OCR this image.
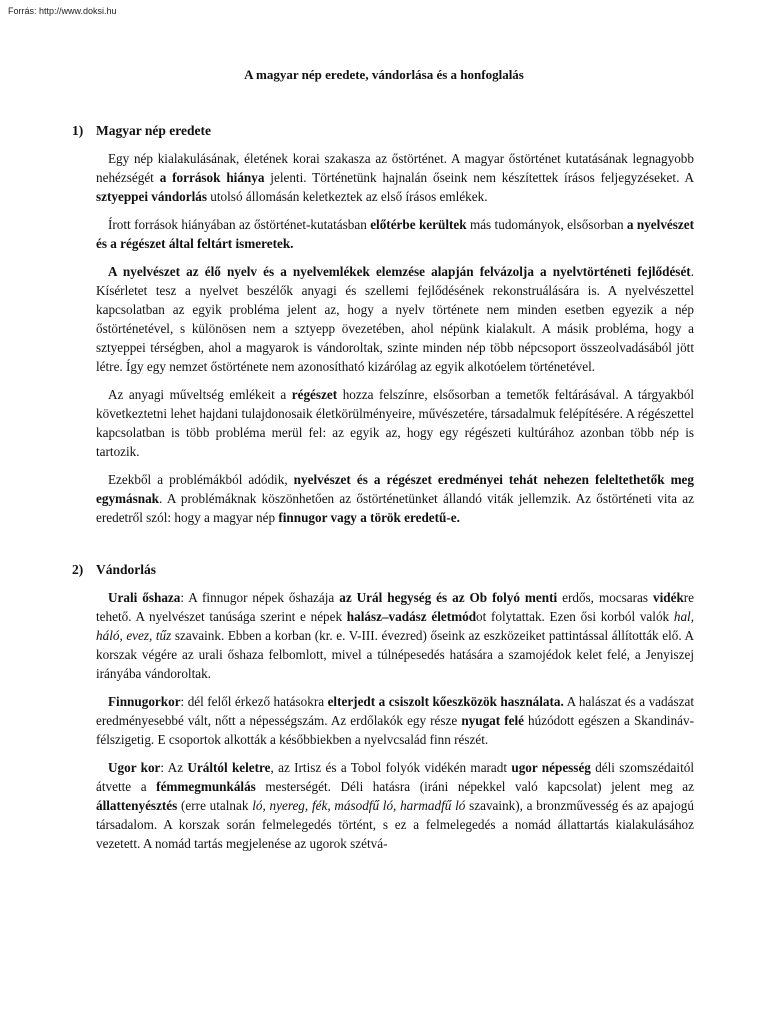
Forrás: http://www.doksi.hu
A magyar nép eredete, vándorlása és a honfoglalás
1) Magyar nép eredete

Egy nép kialakulásának, életének korai szakasza az őstörténet. A magyar őstörténet kutatásának legnagyobb nehézségét a források hiánya jelenti. Történetünk hajnalán őseink nem készítettek írásos feljegyzéseket. A sztyeppei vándorlás utolsó állomásán keletkeztek az első írásos emlékek.

Írott források hiányában az őstörténet-kutatásban előtérbe kerültek más tudományok, elsősorban a nyelvészet és a régészet által feltárt ismeretek.

A nyelvészet az élő nyelv és a nyelvemlékek elemzése alapján felvázolja a nyelvtörténeti fejlődését. Kísérletet tesz a nyelvet beszélők anyagi és szellemi fejlődésének rekonstruálására is. A nyelvészettel kapcsolatban az egyik probléma jelent az, hogy a nyelv története nem minden esetben egyezik a nép őstörténetével, s különösen nem a sztyepp övezetében, ahol népünk kialakult. A másik probléma, hogy a sztyeppei térségben, ahol a magyarok is vándoroltak, szinte minden nép több népcsoport összeolvadásából jött létre. Így egy nemzet őstörténete nem azonosítható kizárólag az egyik alkotóelem történetével.

Az anyagi műveltség emlékeit a régészet hozza felszínre, elsősorban a temetők feltárásával. A tárgyakból következtetni lehet hajdani tulajdonosaik életkörülményeire, művészetére, társadalmuk felépítésére. A régészettel kapcsolatban is több probléma merül fel: az egyik az, hogy egy régészeti kultúrához azonban több nép is tartozik.

Ezekből a problémákból adódik, nyelvészet és a régészet eredményei tehát nehezen feleltethetők meg egymásnak. A problémáknak köszönhetően az őstörténetünket állandó viták jellemzik. Az őstörténeti vita az eredetről szól: hogy a magyar nép finnugor vagy a török eredetű-e.

2) Vándorlás

Urali őshaza: A finnugor népek őshazája az Urál hegység és az Ob folyó menti erdős, mocsaras vidékre tehető. A nyelvészet tanúsága szerint e népek halász–vadász életmódot folytattak. Ezen ősi korból valók hal, háló, evez, tűz szavaink. Ebben a korban (kr. e. V-III. évezred) őseink az eszközeiket pattintással állították elő. A korszak végére az urali őshaza felbomlott, mivel a túlnépesedés hatására a szamojédok kelet felé, a Jenyiszej irányába vándoroltak.

Finnugorkor: dél felől érkező hatásokra elterjedt a csiszolt kőeszközök használata. A halászat és a vadászat eredményesebbé vált, nőtt a népességszám. Az erdőlakók egy része nyugat felé húzódott egészen a Skandináv-félszigetig. E csoportok alkották a későbbiekben a nyelvcsalád finn részét.

Ugor kor: Az Uráltól keletre, az Irtisz és a Tobol folyók vidékén maradt ugor népesség déli szomszédaitól átvette a fémmegmunkálás mesterségét. Déli hatásra (iráni népekkel való kapcsolat) jelent meg az állattenyésztés (erre utalnak ló, nyereg, fék, másodfű ló, harmadfű ló szavaink), a bronzművesség és az apajogú társadalom. A korszak során felmelegedés történt, s ez a felmelegedés a nomád állattartás kialakulásához vezetett. A nomád tartás megjelenése az ugorok szétvá-
